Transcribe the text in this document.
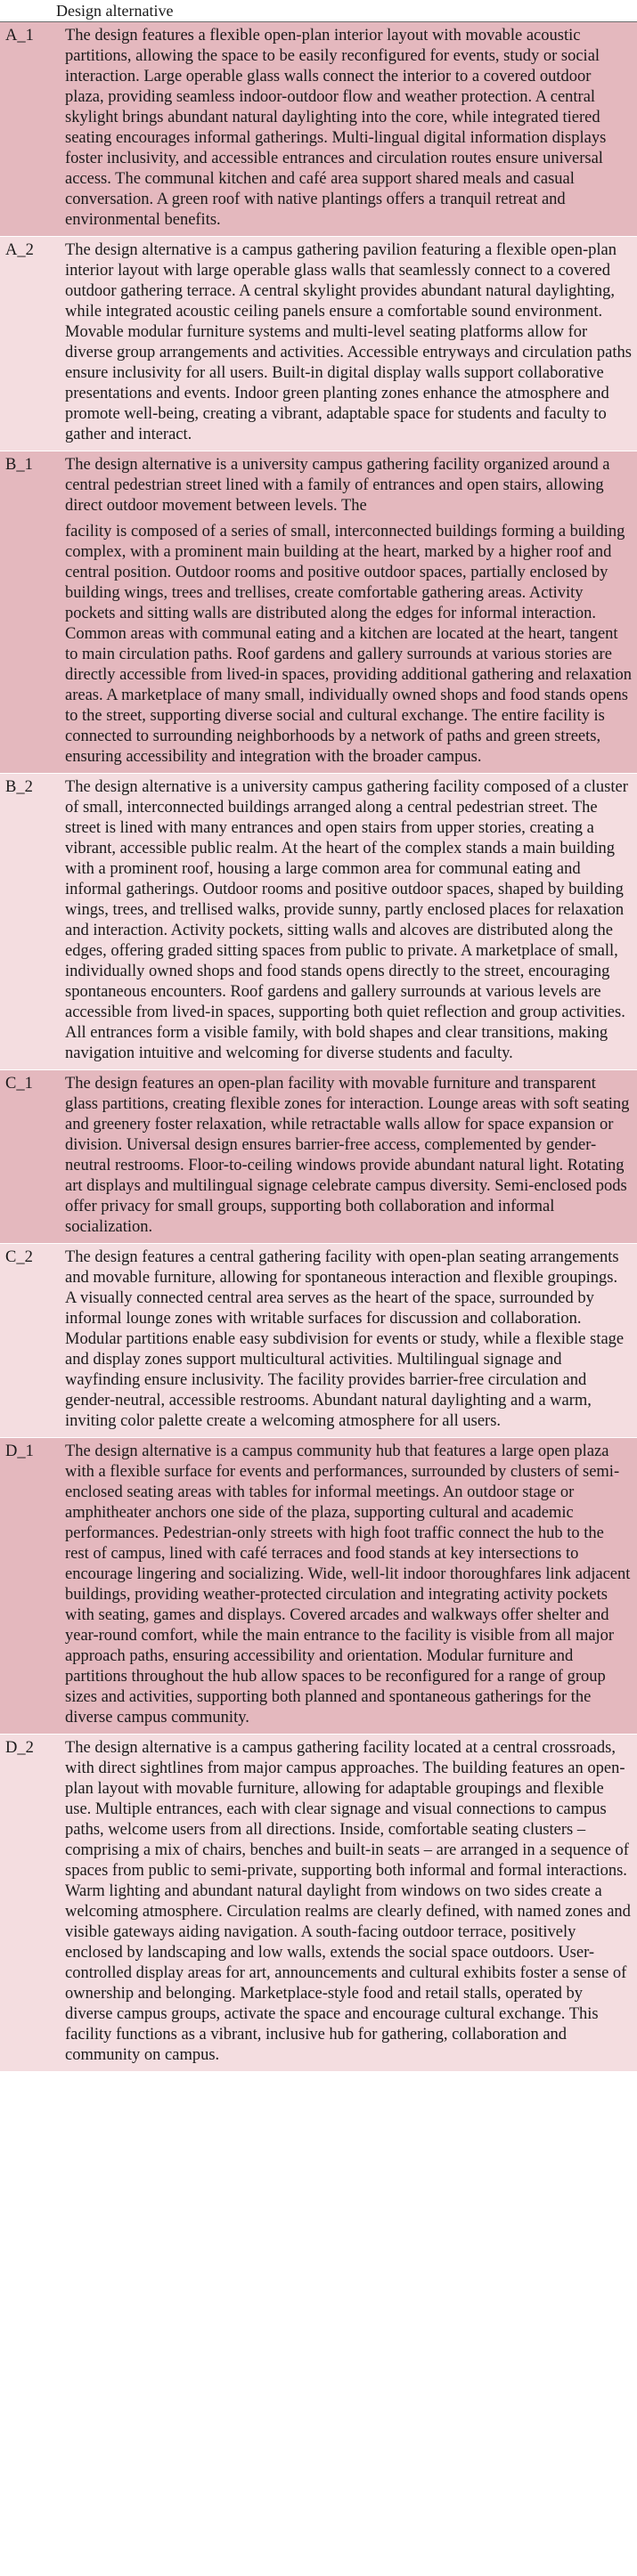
	Design alternative
A_1	The design features a flexible open-plan interior layout with movable acoustic partitions, allowing the space to be easily reconfigured for events, study or social interaction. Large operable glass walls connect the interior to a covered outdoor plaza, providing seamless indoor-outdoor flow and weather protection. A central skylight brings abundant natural daylighting into the core, while integrated tiered seating encourages informal gatherings. Multi-lingual digital information displays foster inclusivity, and accessible entrances and circulation routes ensure universal access. The communal kitchen and café area support shared meals and casual conversation. A green roof with native plantings offers a tranquil retreat and environmental benefits.

A_2	The design alternative is a campus gathering pavilion featuring a flexible open-plan interior layout with large operable glass walls that seamlessly connect to a covered outdoor gathering terrace. A central skylight provides abundant natural daylighting, while integrated acoustic ceiling panels ensure a comfortable sound environment. Movable modular furniture systems and multi-level seating platforms allow for diverse group arrangements and activities. Accessible entryways and circulation paths ensure inclusivity for all users. Built-in digital display walls support collaborative presentations and events. Indoor green planting zones enhance the atmosphere and promote well-being, creating a vibrant, adaptable space for students and faculty to gather and interact.

B_1	The design alternative is a university campus gathering facility organized around a central pedestrian street lined with a family of entrances and open stairs, allowing direct outdoor movement between levels. The

facility is composed of a series of small, interconnected buildings forming a building complex, with a prominent main building at the heart, marked by a higher roof and central position. Outdoor rooms and positive outdoor spaces, partially enclosed by building wings, trees and trellises, create comfortable gathering areas. Activity pockets and sitting walls are distributed along the edges for informal interaction. Common areas with communal eating and a kitchen are located at the heart, tangent to main circulation paths. Roof gardens and gallery surrounds at various stories are directly accessible from lived-in spaces, providing additional gathering and relaxation areas. A marketplace of many small, individually owned shops and food stands opens to the street, supporting diverse social and cultural exchange. The entire facility is connected to surrounding neighborhoods by a network of paths and green streets, ensuring accessibility and integration with the broader campus.

B_2	The design alternative is a university campus gathering facility composed of a cluster of small, interconnected buildings arranged along a central pedestrian street. The street is lined with many entrances and open stairs from upper stories, creating a vibrant, accessible public realm. At the heart of the complex stands a main building with a prominent roof, housing a large common area for communal eating and informal gatherings. Outdoor rooms and positive outdoor spaces, shaped by building wings, trees, and trellised walks, provide sunny, partly enclosed places for relaxation and interaction. Activity pockets, sitting walls and alcoves are distributed along the edges, offering graded sitting spaces from public to private. A marketplace of small, individually owned shops and food stands opens directly to the street, encouraging spontaneous encounters. Roof gardens and gallery surrounds at various levels are accessible from lived-in spaces, supporting both quiet reflection and group activities. All entrances form a visible family, with bold shapes and clear transitions, making navigation intuitive and welcoming for diverse students and faculty.

C_1	The design features an open-plan facility with movable furniture and transparent glass partitions, creating flexible zones for interaction. Lounge areas with soft seating and greenery foster relaxation, while retractable walls allow for space expansion or division. Universal design ensures barrier-free access, complemented by gender-neutral restrooms. Floor-to-ceiling windows provide abundant natural light. Rotating art displays and multilingual signage celebrate campus diversity. Semi-enclosed pods offer privacy for small groups, supporting both collaboration and informal socialization.

C_2	The design features a central gathering facility with open-plan seating arrangements and movable furniture, allowing for spontaneous interaction and flexible groupings. A visually connected central area serves as the heart of the space, surrounded by informal lounge zones with writable surfaces for discussion and collaboration. Modular partitions enable easy subdivision for events or study, while a flexible stage and display zones support multicultural activities. Multilingual signage and wayfinding ensure inclusivity. The facility provides barrier-free circulation and gender-neutral, accessible restrooms. Abundant natural daylighting and a warm, inviting color palette create a welcoming atmosphere for all users.

D_1	The design alternative is a campus community hub that features a large open plaza with a flexible surface for events and performances, surrounded by clusters of semi-enclosed seating areas with tables for informal meetings. An outdoor stage or amphitheater anchors one side of the plaza, supporting cultural and academic performances. Pedestrian-only streets with high foot traffic connect the hub to the rest of campus, lined with café terraces and food stands at key intersections to encourage lingering and socializing. Wide, well-lit indoor thoroughfares link adjacent buildings, providing weather-protected circulation and integrating activity pockets with seating, games and displays. Covered arcades and walkways offer shelter and year-round comfort, while the main entrance to the facility is visible from all major approach paths, ensuring accessibility and orientation. Modular furniture and partitions throughout the hub allow spaces to be reconfigured for a range of group sizes and activities, supporting both planned and spontaneous gatherings for the diverse campus community.

D_2	The design alternative is a campus gathering facility located at a central crossroads, with direct sightlines from major campus approaches. The building features an open-plan layout with movable furniture, allowing for adaptable groupings and flexible use. Multiple entrances, each with clear signage and visual connections to campus paths, welcome users from all directions. Inside, comfortable seating clusters – comprising a mix of chairs, benches and built-in seats – are arranged in a sequence of spaces from public to semi-private, supporting both informal and formal interactions. Warm lighting and abundant natural daylight from windows on two sides create a welcoming atmosphere. Circulation realms are clearly defined, with named zones and visible gateways aiding navigation. A south-facing outdoor terrace, positively enclosed by landscaping and low walls, extends the social space outdoors. User-controlled display areas for art, announcements and cultural exhibits foster a sense of ownership and belonging. Marketplace-style food and retail stalls, operated by diverse campus groups, activate the space and encourage cultural exchange. This facility functions as a vibrant, inclusive hub for gathering, collaboration and community on campus.
